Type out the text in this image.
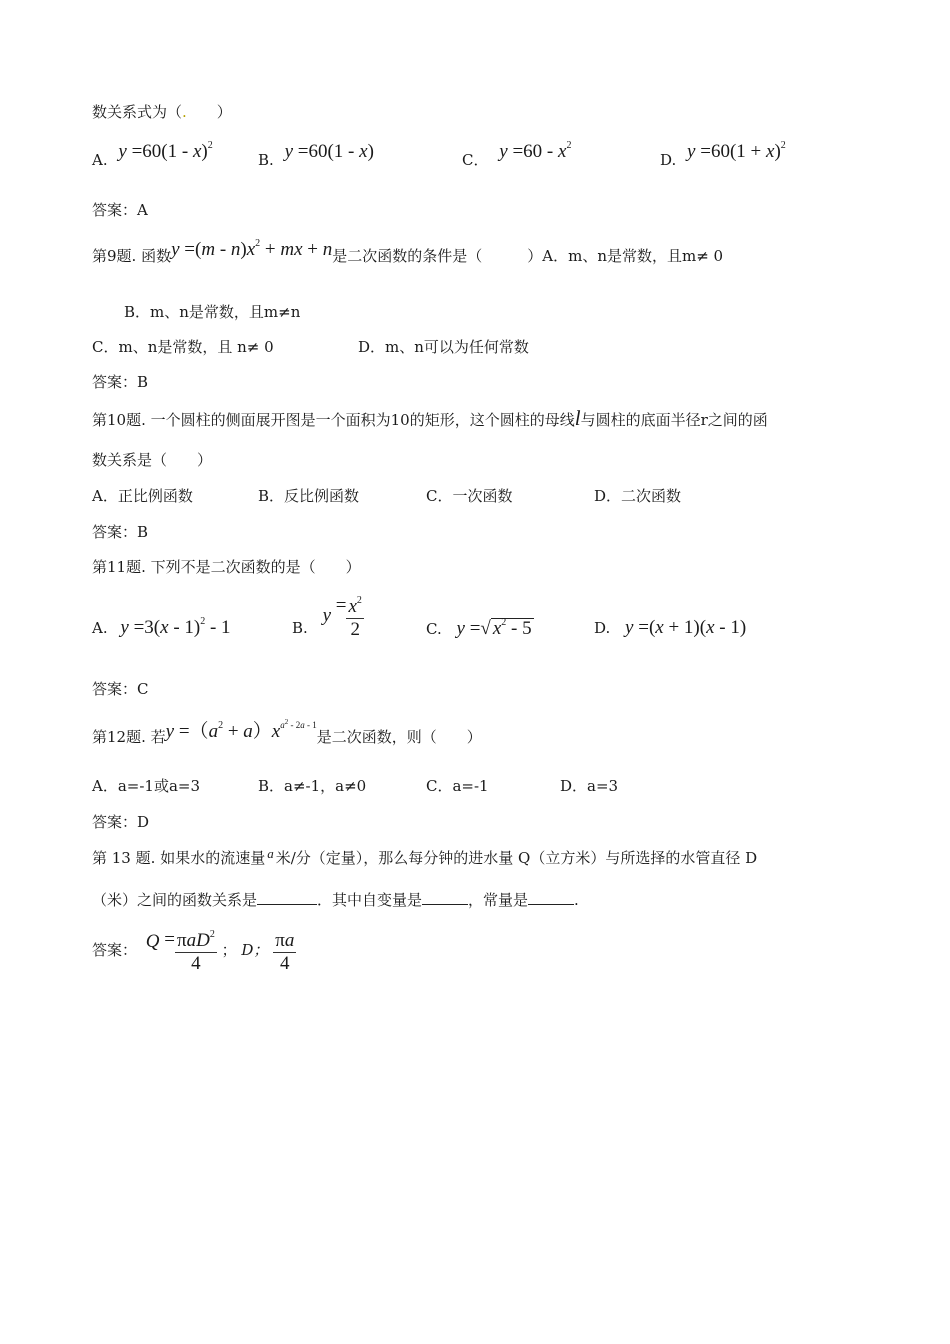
数关系式为（. ）
A. y =60(1 - x)$^2$
B. y =60(1 - x)	C． $y =60 - x^2$
D. $y =60(1 + x)^2$
答案：A
第9题. 函数$y =(m - n)x^2$ + mx + n是二次函数的条件是（　　　）A．m、n是常数，且m≠ 0
B．m、n是常数，且m≠n
C．m、n是常数，且 n≠ 0	D．m、n可以为任何常数
答案：B
第10题. 一个圆柱的侧面展开图是一个面积为10的矩形，这个圆柱的母线l与圆柱的底面半径r之间的函
数关系是（　　）
A．正比例函数	B．反比例函数	C．一次函数	D．二次函数
答案：B
第11题. 下列不是二次函数的是（　　）
A. y =3(x - 1)$^2$ - 1	B. $y = \frac{x^2}{2}$	C. y =√ $x^2 - 5$	D. y =(x + 1)(x - 1)
答案：C
第12题. 若$y =(a^2 + a)x^{a^2 - 2a - 1}$是二次函数，则（　　）
A．a=-1或a=3	B．a≠-1，a≠0	C．a=-1	D．a=3
答案：D
第 13 题. 如果水的流速量 a 米/分（定量），那么每分钟的进水量 Q（立方米）与所选择的水管直径 D
（米）之间的函数关系是	．其中自变量是	，常量是	.
答案： $Q = \frac{\pi aD^2}{4}$ ； D； $\frac{\pi a}{4}$
